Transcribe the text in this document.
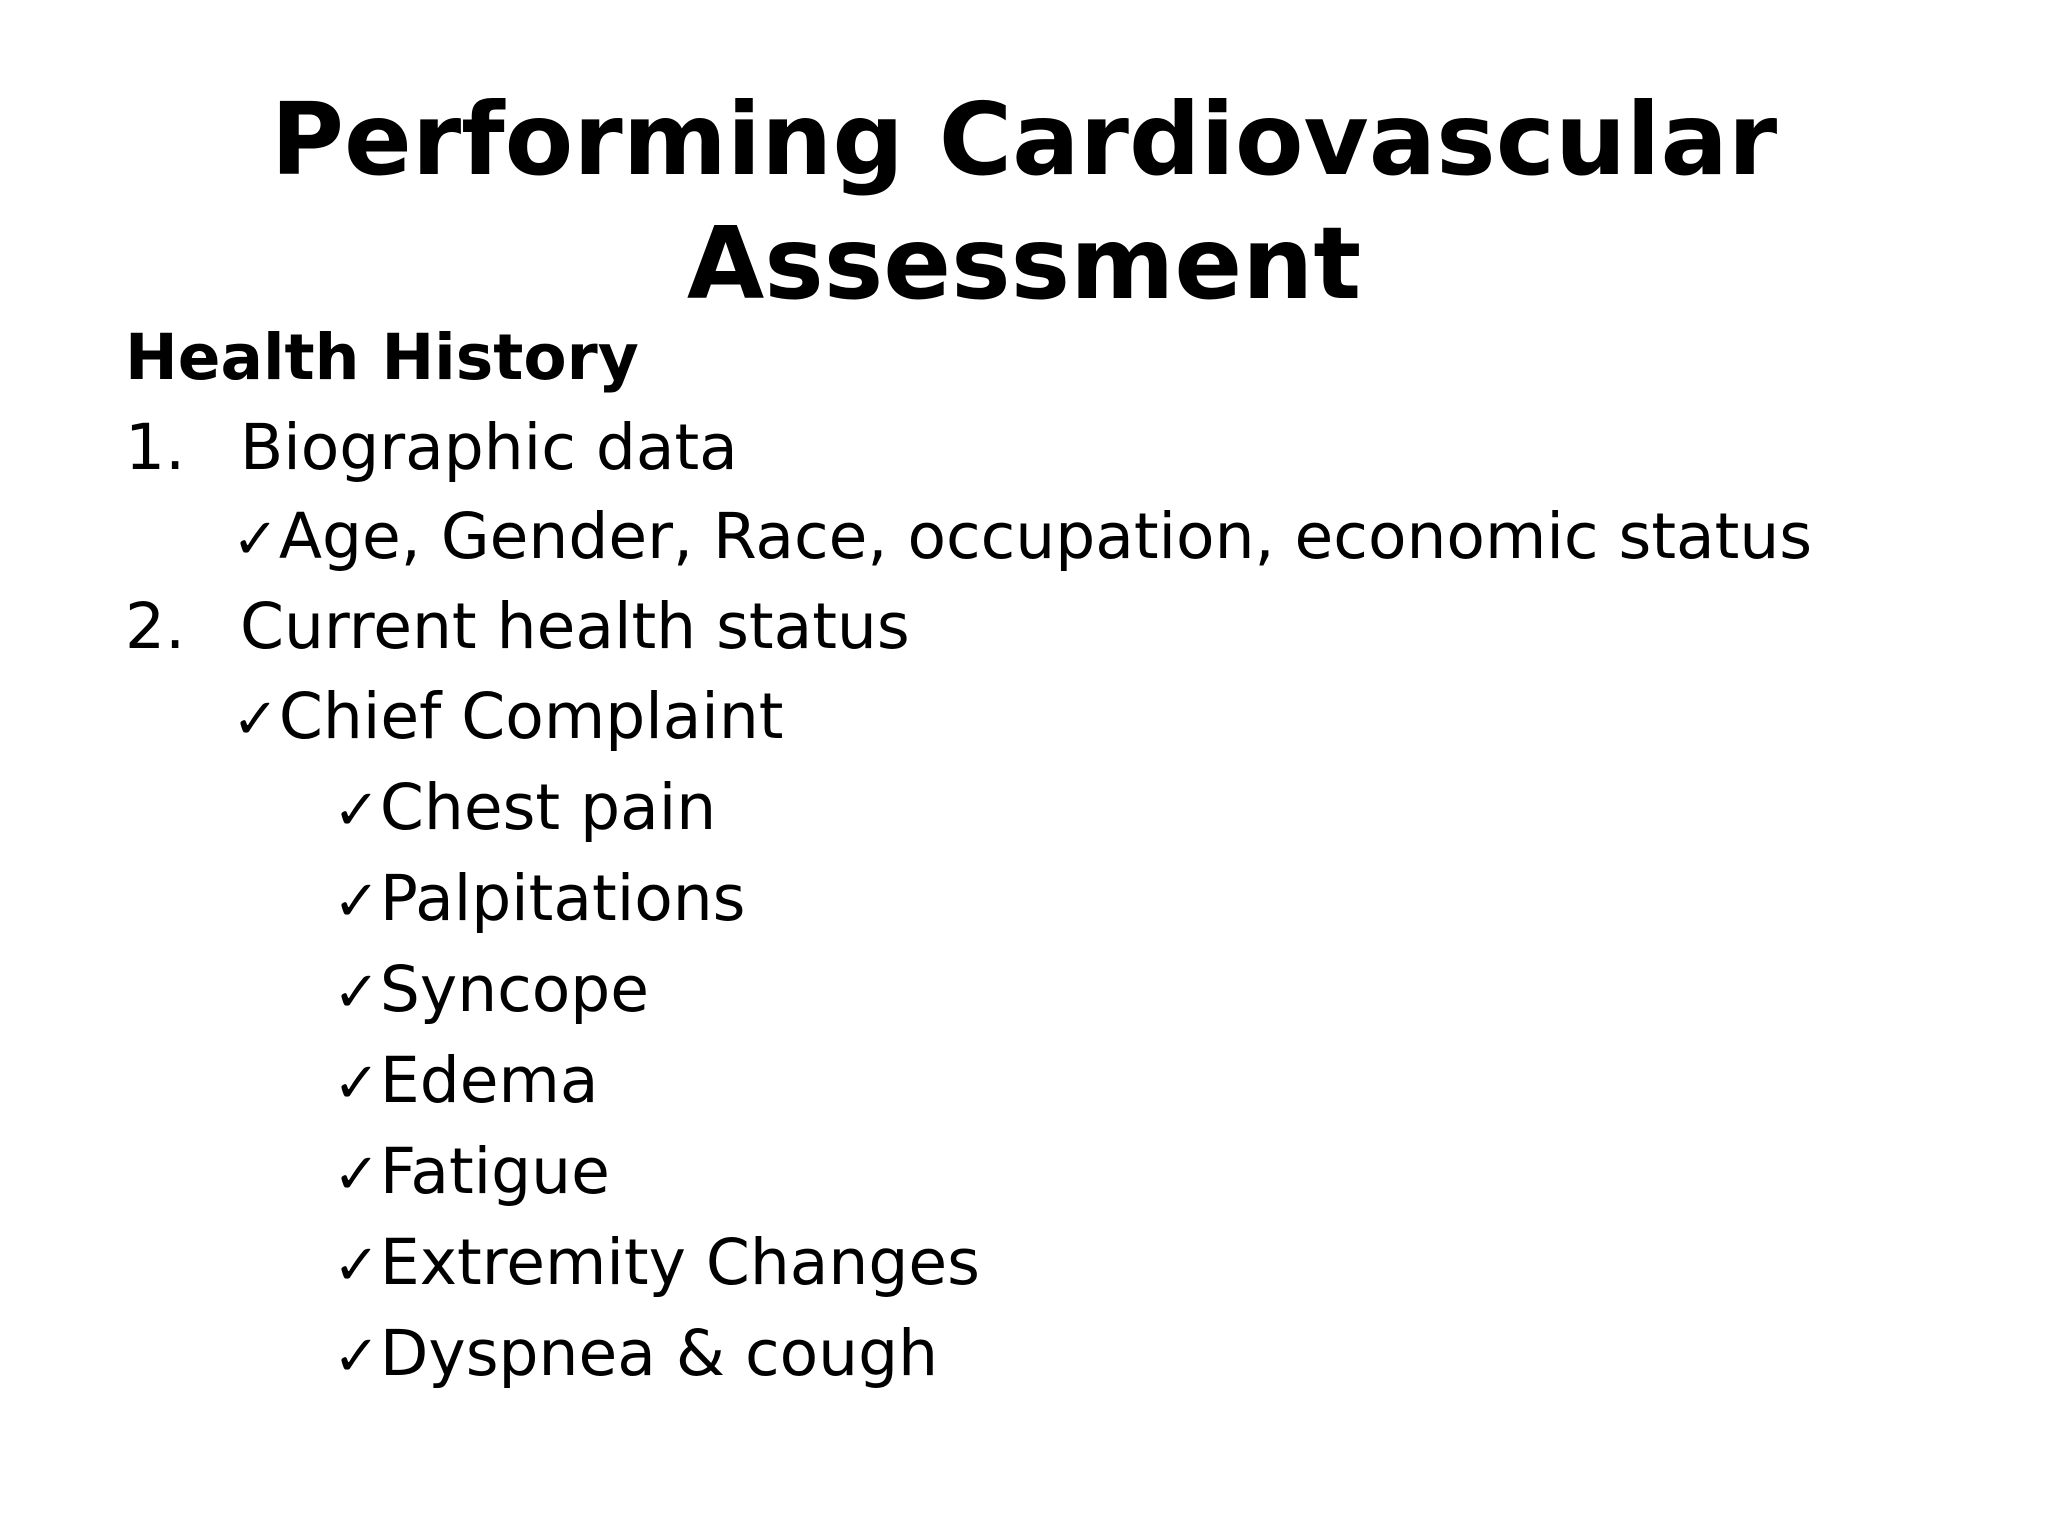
Performing Cardiovascular
Assessment
Health History
1. Biographic data
✓Age, Gender, Race, occupation, economic status
2. Current health status
✓Chief Complaint
✓Chest pain
✓Palpitations
✓Syncope
✓Edema
✓Fatigue
✓Extremity Changes
✓Dyspnea & cough
